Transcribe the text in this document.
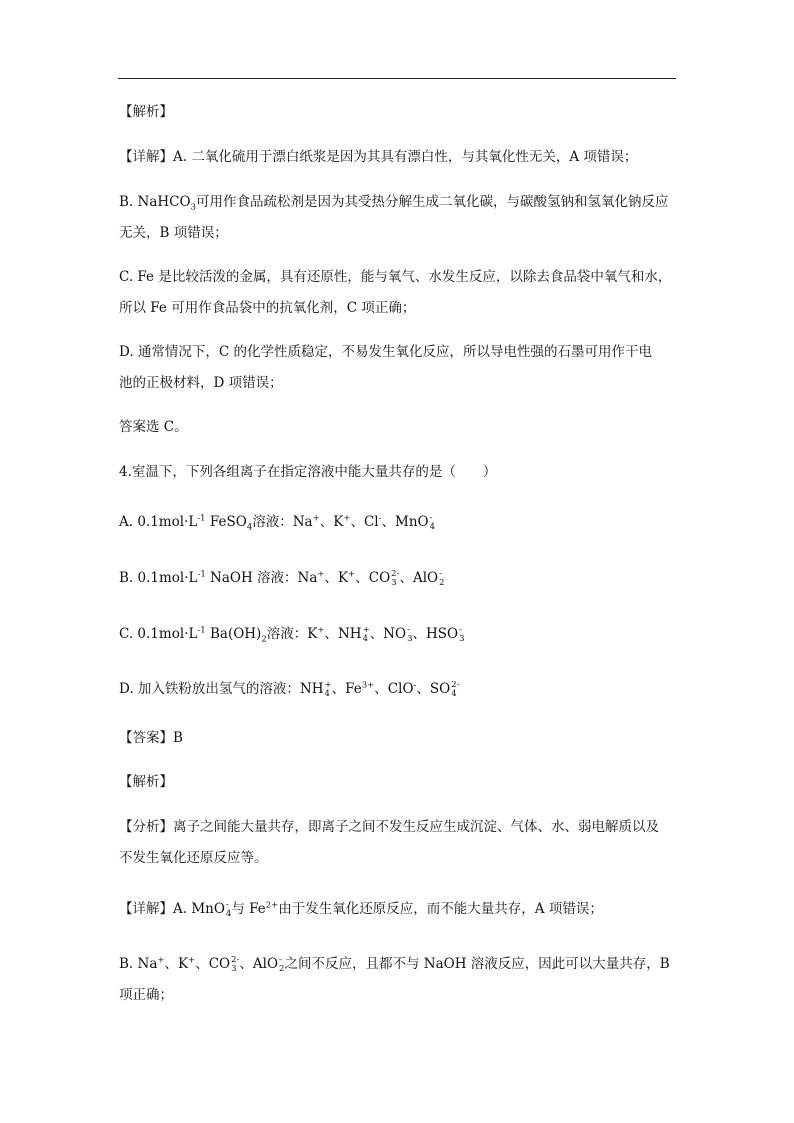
【解析】
【详解】A. 二氧化硫用于漂白纸浆是因为其具有漂白性，与其氧化性无关，A 项错误；
B. NaHCO$_3$可用作食品疏松剂是因为其受热分解生成二氧化碳，与碳酸氢钠和氢氧化钠反应
无关，B 项错误；
C. Fe 是比较活泼的金属，具有还原性，能与氧气、水发生反应，以除去食品袋中氧气和水，
所以 Fe 可用作食品袋中的抗氧化剂，C 项正确；
D. 通常情况下，C 的化学性质稳定，不易发生氧化反应，所以导电性强的石墨可用作干电
池的正极材料，D 项错误；
答案选 C。
4.室温下，下列各组离子在指定溶液中能大量共存的是（　　）
A. $0.1mol\cdot L^{-1}$ FeSO$_4$溶液：Na+、K+、Cl-、MnO -
4
B. $0.1mol\cdot L^{-1}$ NaOH 溶液：Na+、K+、CO 2-
3 、AlO -
2
C. $0.1mol\cdot L^{-1}$ $Ba(OH)_2$溶液：K+、NH +
4 、NO -
3 、HSO -
3
D. 加入铁粉放出氢气的溶液：NH +
4 、$Fe^{3+}$、ClO-、SO 2-
4
【答案】B
【解析】
【分析】离子之间能大量共存，即离子之间不发生反应生成沉淀、气体、水、弱电解质以及
不发生氧化还原反应等。
【详解】A. MnO -
4 与 $Fe^{2+}$由于发生氧化还原反应，而不能大量共存，A 项错误；
B. Na+、K+、CO 2-
3 、AlO -
2 之间不反应，且都不与 NaOH 溶液反应，因此可以大量共存，B
项正确；
